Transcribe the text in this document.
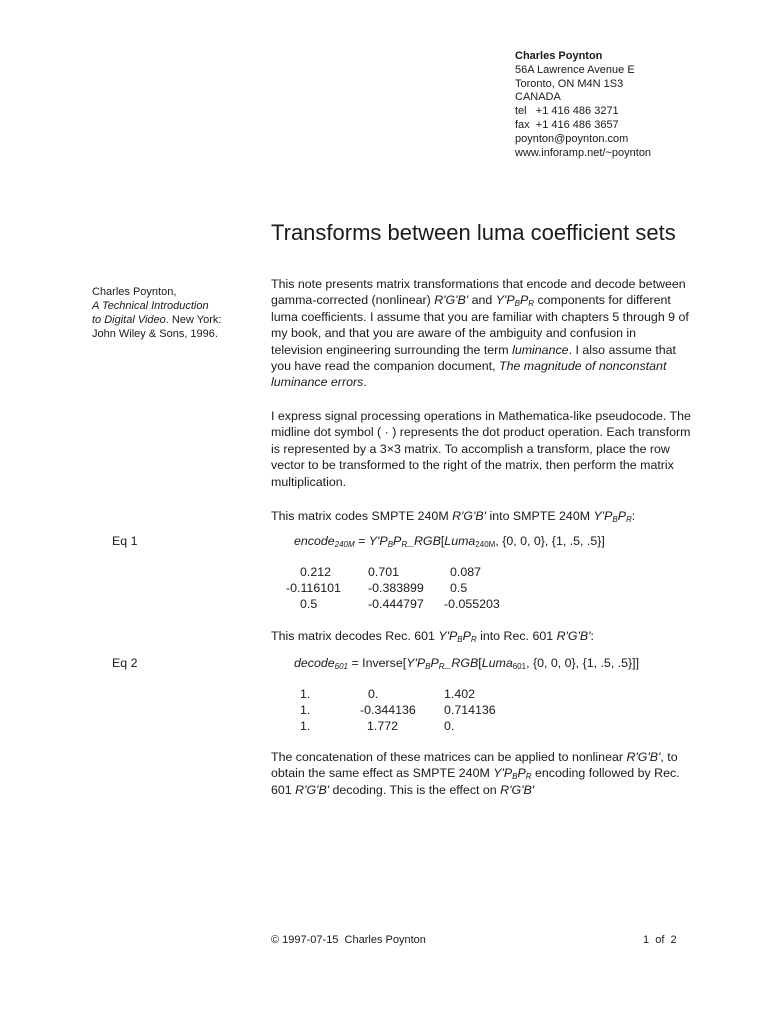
Charles Poynton
56A Lawrence Avenue E
Toronto, ON M4N 1S3
CANADA
tel   +1 416 486 3271
fax  +1 416 486 3657
poynton@poynton.com
www.inforamp.net/~poynton
Transforms between luma coefficient sets
Charles Poynton,
A Technical Introduction
to Digital Video. New York:
John Wiley & Sons, 1996.

This note presents matrix transformations that encode and decode between gamma-corrected (nonlinear) R'G'B' and $Y'P_BP_R$ components for different luma coefficients. I assume that you are familiar with chapters 5 through 9 of my book, and that you are aware of the ambiguity and confusion in television engineering surrounding the term luminance. I also assume that you have read the companion document, The magnitude of nonconstant luminance errors.

I express signal processing operations in Mathematica-like pseudocode. The midline dot symbol ( · ) represents the dot product operation. Each transform is represented by a 3×3 matrix. To accomplish a transform, place the row vector to be transformed to the right of the matrix, then perform the matrix multiplication.

This matrix codes SMPTE 240M R'G'B' into SMPTE 240M $Y'P_BP_R$:

Eq 1	encode$_{240M}$ = $Y'P_BP_R\_RGB[Luma_{240M}$, {0, 0, 0}, {1, .5, .5}]
0.212	0.701	0.087
-0.116101	-0.383899	0.5
0.5	-0.444797	-0.055203

This matrix decodes Rec. 601 $Y'P_BP_R$ into Rec. 601 R'G'B':

Eq 2	decode$_{601}$ = $Inverse[Y'P_BP_R\_RGB[Luma_{601}$, {0, 0, 0}, {1, .5, .5}]]
1.	0.	1.402
1.	-0.344136	0.714136
1.	1.772	0.

The concatenation of these matrices can be applied to nonlinear R'G'B', to obtain the same effect as SMPTE 240M $Y'P_BP_R$ encoding followed by Rec. 601 R'G'B' decoding. This is the effect on R'G'B'

© 1997-07-15  Charles Poynton	1  of  2
